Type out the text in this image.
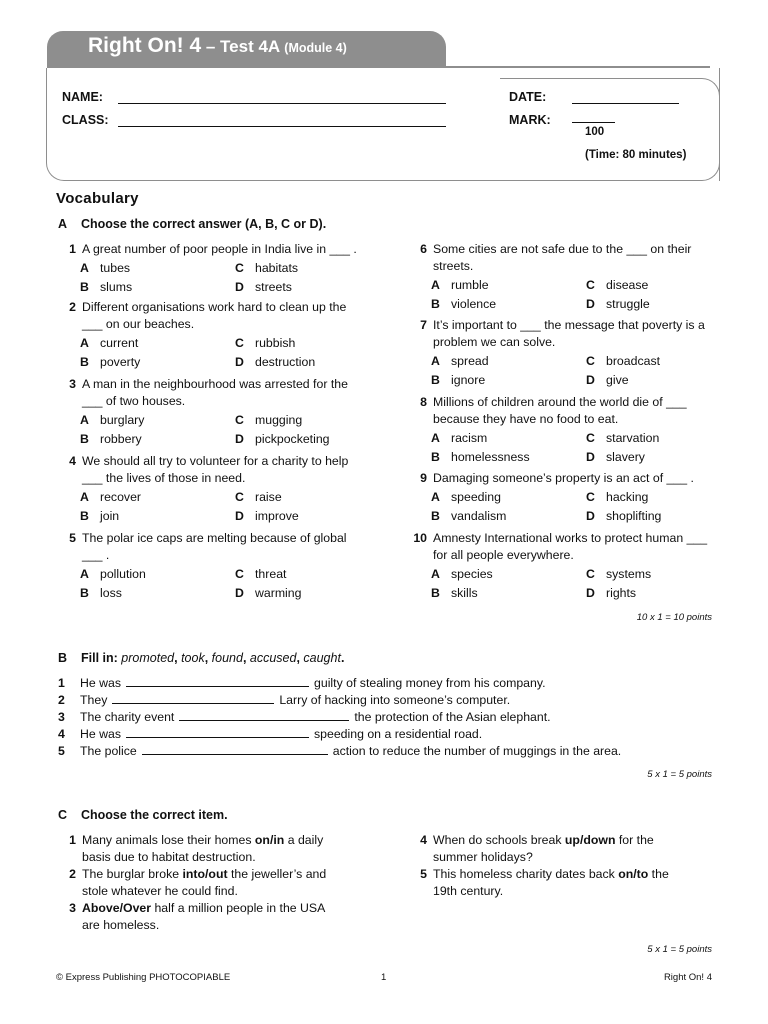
Right On! 4 – Test 4A (Module 4)
NAME:
CLASS:
DATE:
MARK:
100
(Time: 80 minutes)
Vocabulary
A Choose the correct answer (A, B, C or D).
1 A great number of poor people in India live in ___ .
A tubes	C habitats
B slums	D streets
2 Different organisations work hard to clean up the ___ on our beaches.
A current	C rubbish
B poverty	D destruction
3 A man in the neighbourhood was arrested for the ___ of two houses.
A burglary	C mugging
B robbery	D pickpocketing
4 We should all try to volunteer for a charity to help ___ the lives of those in need.
A recover	C raise
B join	D improve
5 The polar ice caps are melting because of global ___ .
A pollution	C threat
B loss	D warming
6 Some cities are not safe due to the ___ on their streets.
A rumble	C disease
B violence	D struggle
7 It’s important to ___ the message that poverty is a problem we can solve.
A spread	C broadcast
B ignore	D give
8 Millions of children around the world die of ___ because they have no food to eat.
A racism	C starvation
B homelessness	D slavery
9 Damaging someone’s property is an act of ___ .
A speeding	C hacking
B vandalism	D shoplifting
10 Amnesty International works to protect human ___ for all people everywhere.
A species	C systems
B skills	D rights
10 x 1 = 10 points
B Fill in: promoted, took, found, accused, caught.
1 He was	guilty of stealing money from his company.
2 They	Larry of hacking into someone’s computer.
3 The charity event	the protection of the Asian elephant.
4 He was	speeding on a residential road.
5 The police	action to reduce the number of muggings in the area.
5 x 1 = 5 points
C Choose the correct item.
1 Many animals lose their homes on/in a daily basis due to habitat destruction.
2 The burglar broke into/out the jeweller’s and stole whatever he could find.
3 Above/Over half a million people in the USA are homeless.
4 When do schools break up/down for the summer holidays?
5 This homeless charity dates back on/to the 19th century.
5 x 1 = 5 points
© Express Publishing PHOTOCOPIABLE	1	Right On! 4
